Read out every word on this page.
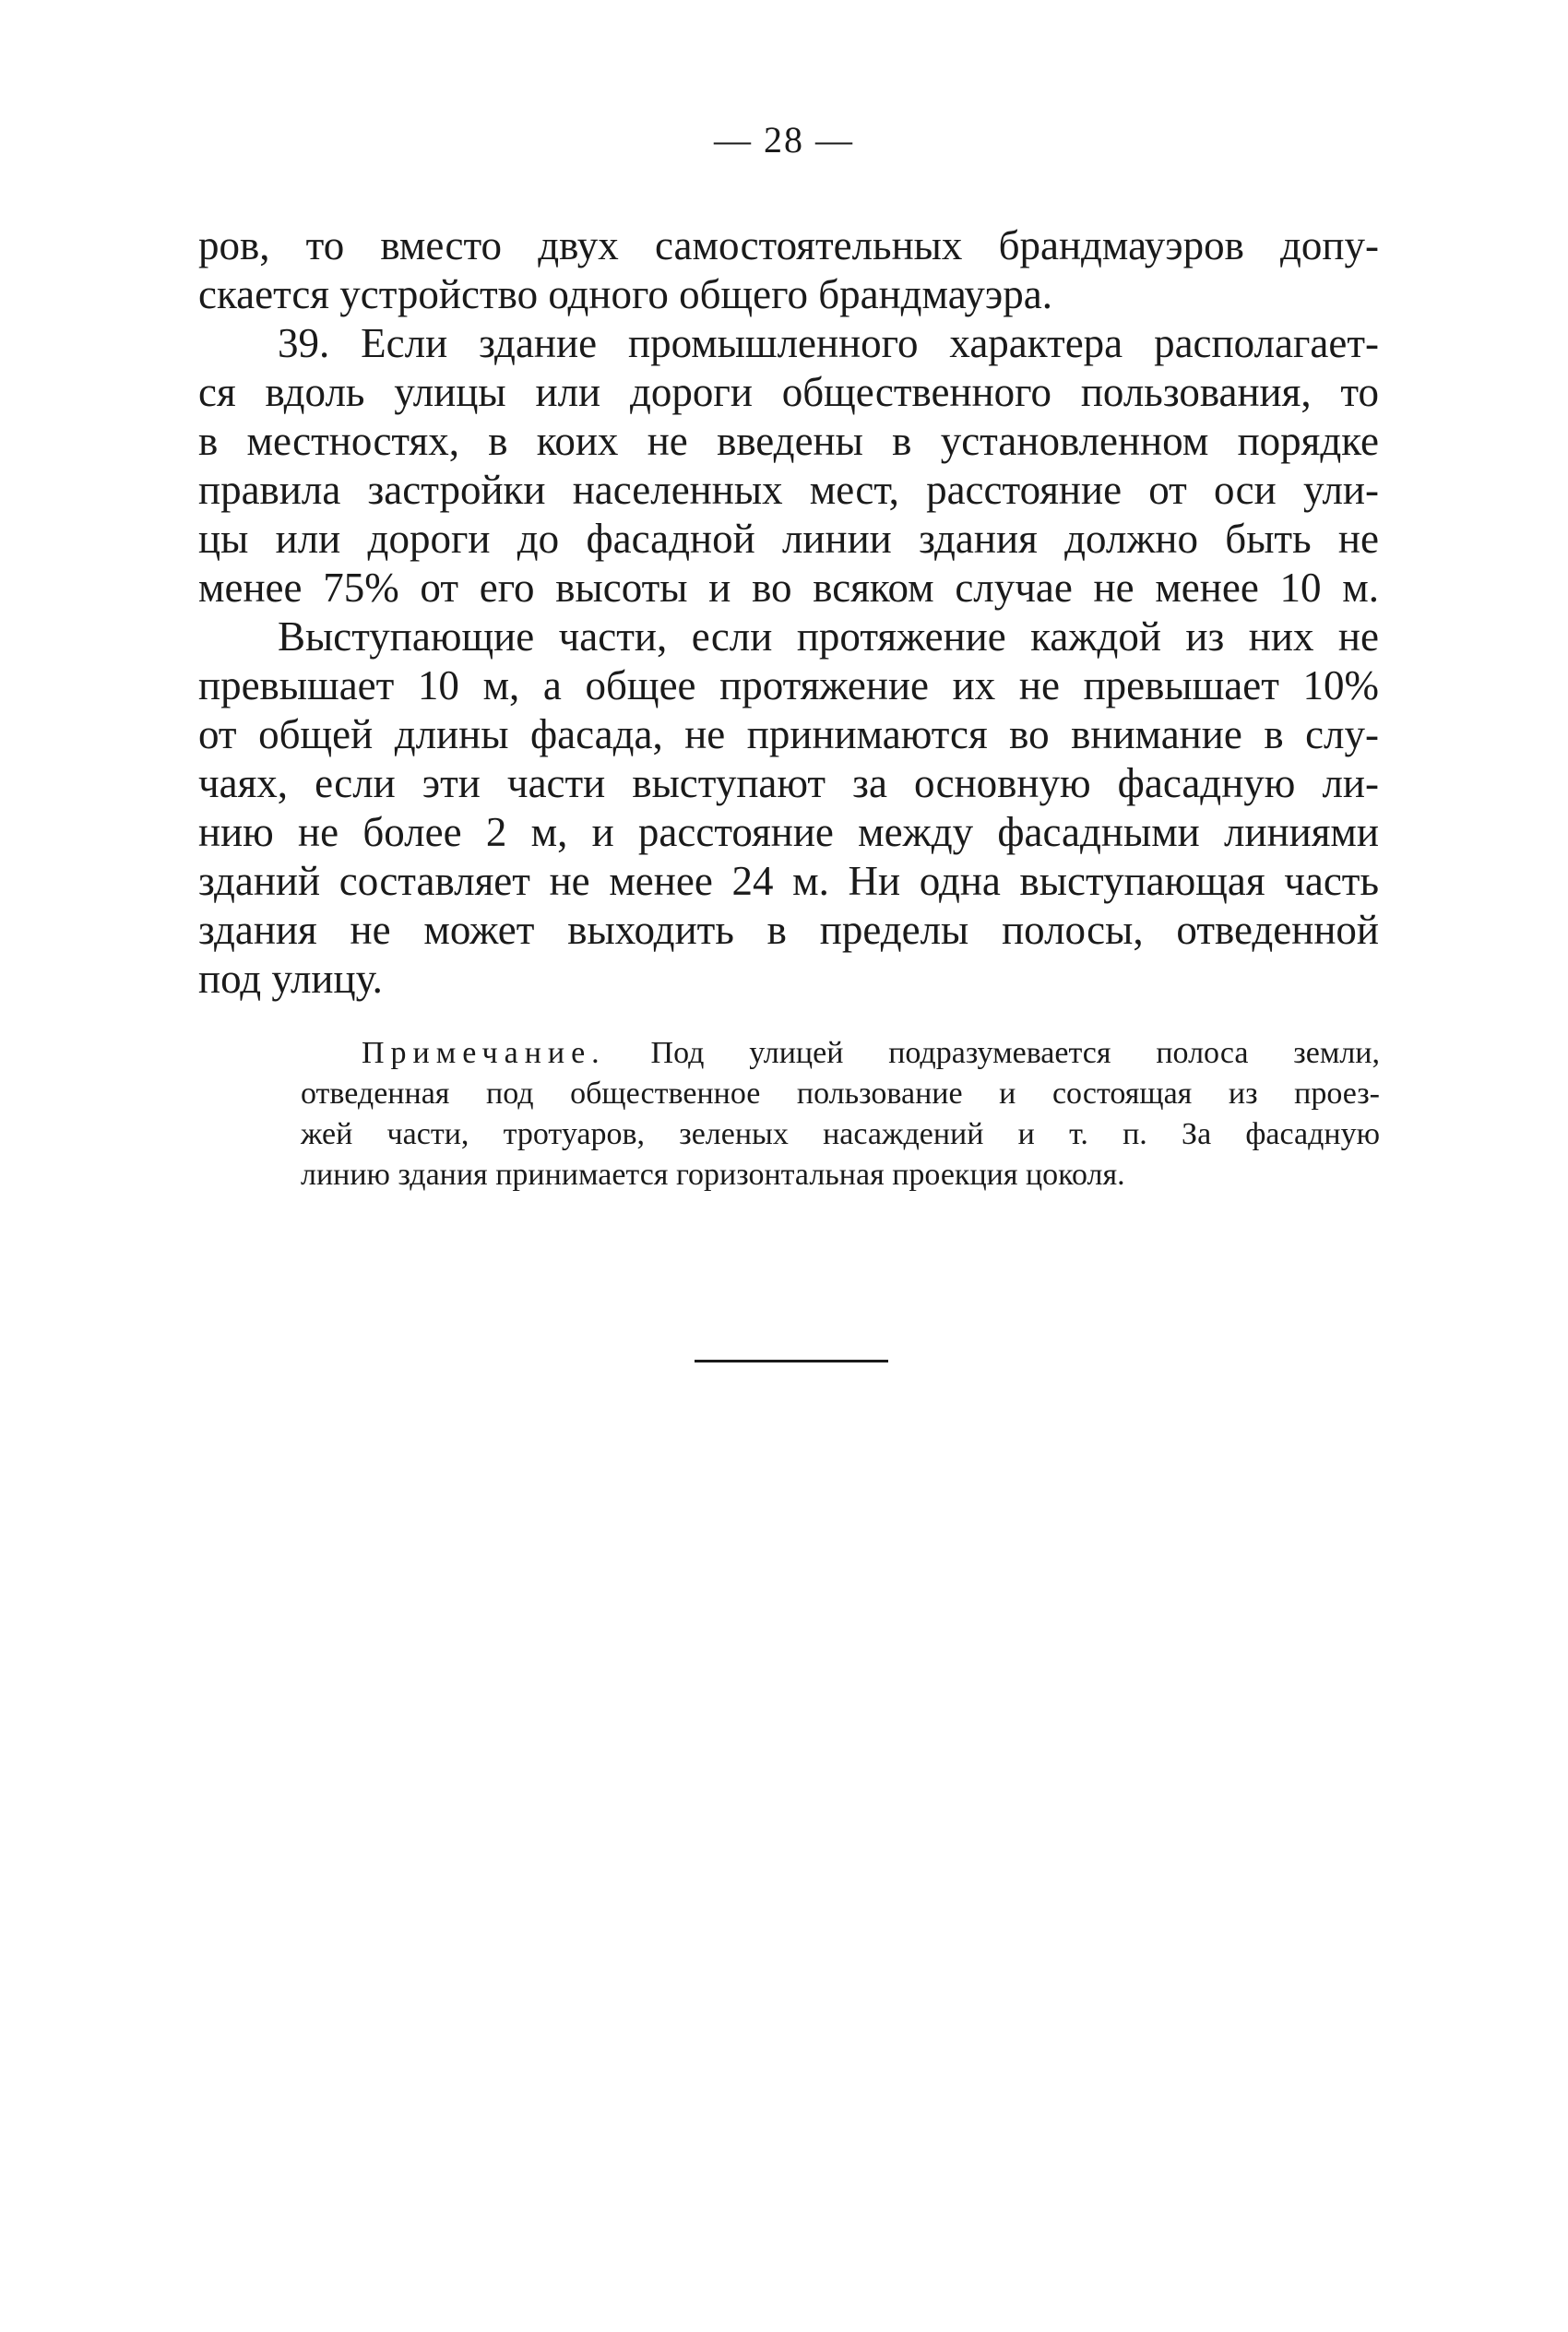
— 28 —
ров, то вместо двух самостоятельных брандмауэров допу-
скается устройство одного общего брандмауэра.
39. Если здание промышленного характера располагает-
ся вдоль улицы или дороги общественного пользования, то
в местностях, в коих не введены в установленном порядке
правила застройки населенных мест, расстояние от оси ули-
цы или дороги до фасадной линии здания должно быть не
менее 75% от его высоты и во всяком случае не менее 10 м.
Выступающие части, если протяжение каждой из них не
превышает 10 м, а общее протяжение их не превышает 10%
от общей длины фасада, не принимаются во внимание в слу-
чаях, если эти части выступают за основную фасадную ли-
нию не более 2 м, и расстояние между фасадными линиями
зданий составляет не менее 24 м. Ни одна выступающая часть
здания не может выходить в пределы полосы, отведенной
под улицу.
Примечание. Под улицей подразумевается полоса земли,
отведенная под общественное пользование и состоящая из проез-
жей части, тротуаров, зеленых насаждений и т. п. За фасадную
линию здания принимается горизонтальная проекция цоколя.
